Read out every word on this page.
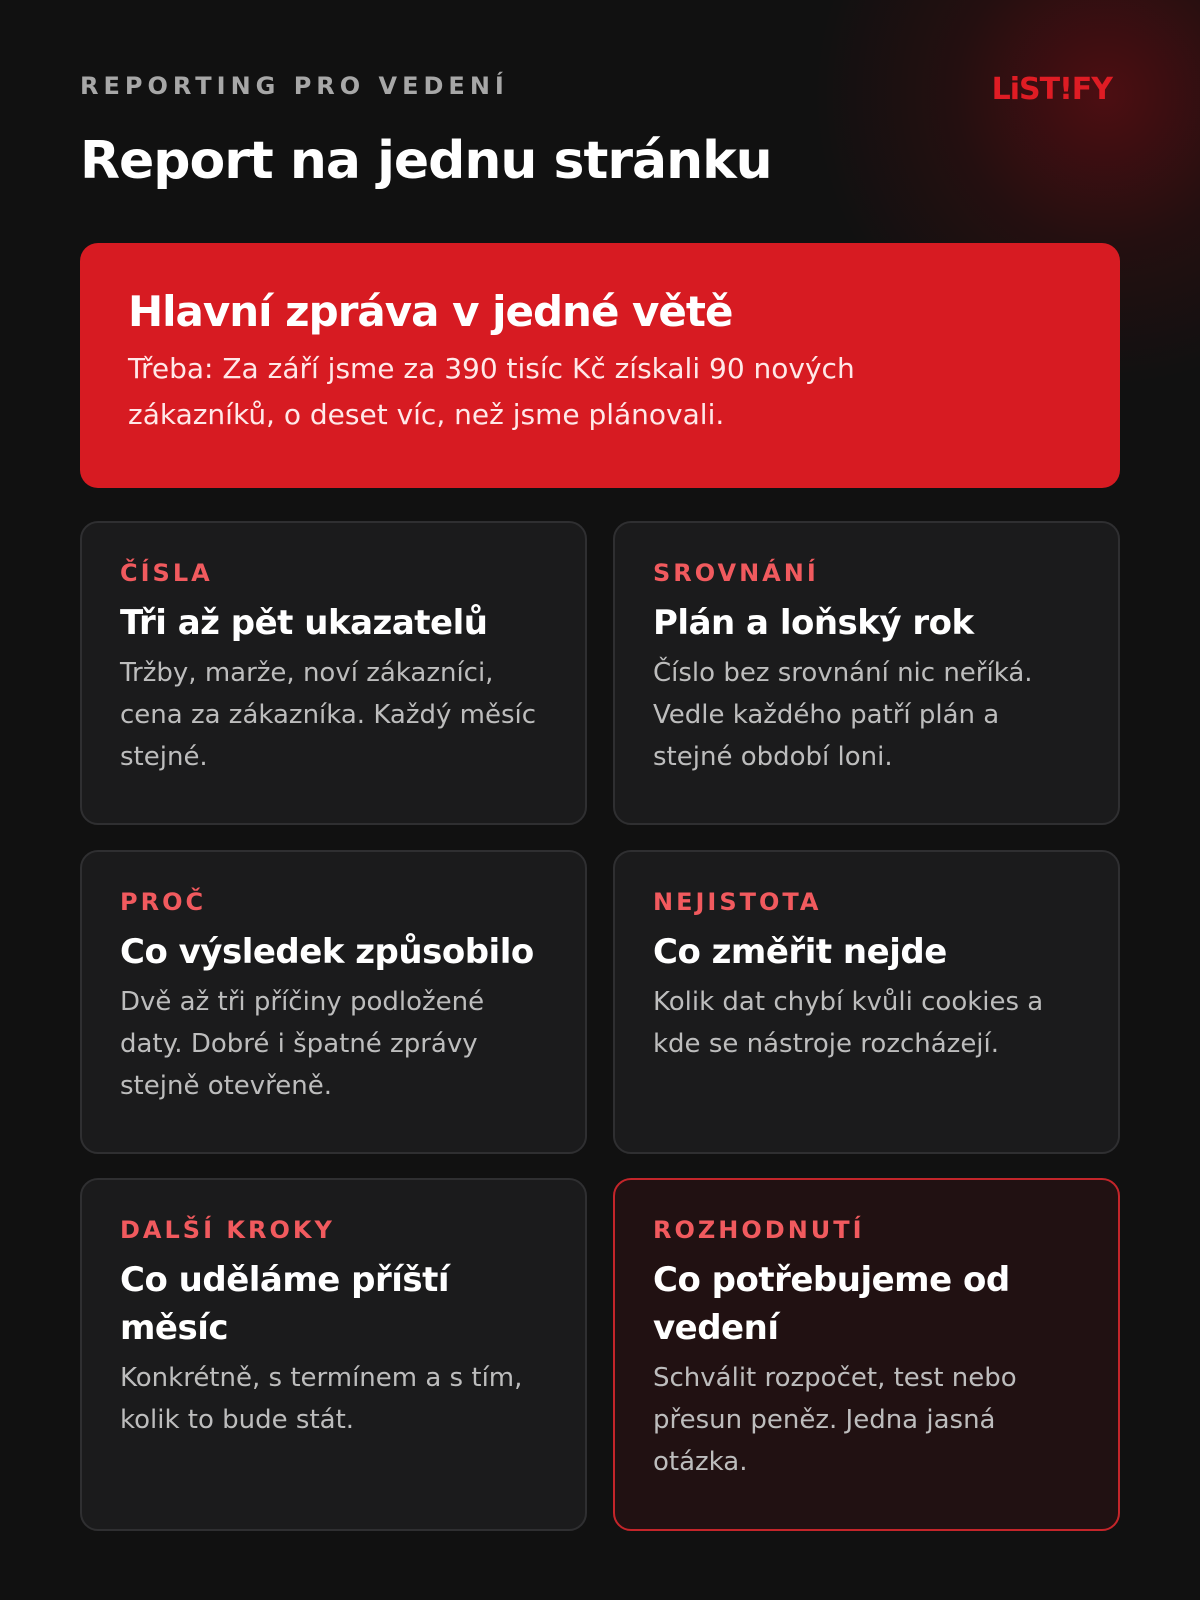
REPORTING PRO VEDENÍ	LiST!FY
Report na jednu stránku
Hlavní zpráva v jedné větě
Třeba: Za září jsme za 390 tisíc Kč získali 90 nových zákazníků, o deset víc, než jsme plánovali.
ČÍSLA
Tři až pět ukazatelů
Tržby, marže, noví zákazníci, cena za zákazníka. Každý měsíc stejné.
SROVNÁNÍ
Plán a loňský rok
Číslo bez srovnání nic neříká. Vedle každého patří plán a stejné období loni.
PROČ
Co výsledek způsobilo
Dvě až tři příčiny podložené daty. Dobré i špatné zprávy stejně otevřeně.
NEJISTOTA
Co změřit nejde
Kolik dat chybí kvůli cookies a kde se nástroje rozcházejí.
DALŠÍ KROKY
Co uděláme příští měsíc
Konkrétně, s termínem a s tím, kolik to bude stát.
ROZHODNUTÍ
Co potřebujeme od vedení
Schválit rozpočet, test nebo přesun peněz. Jedna jasná otázka.
